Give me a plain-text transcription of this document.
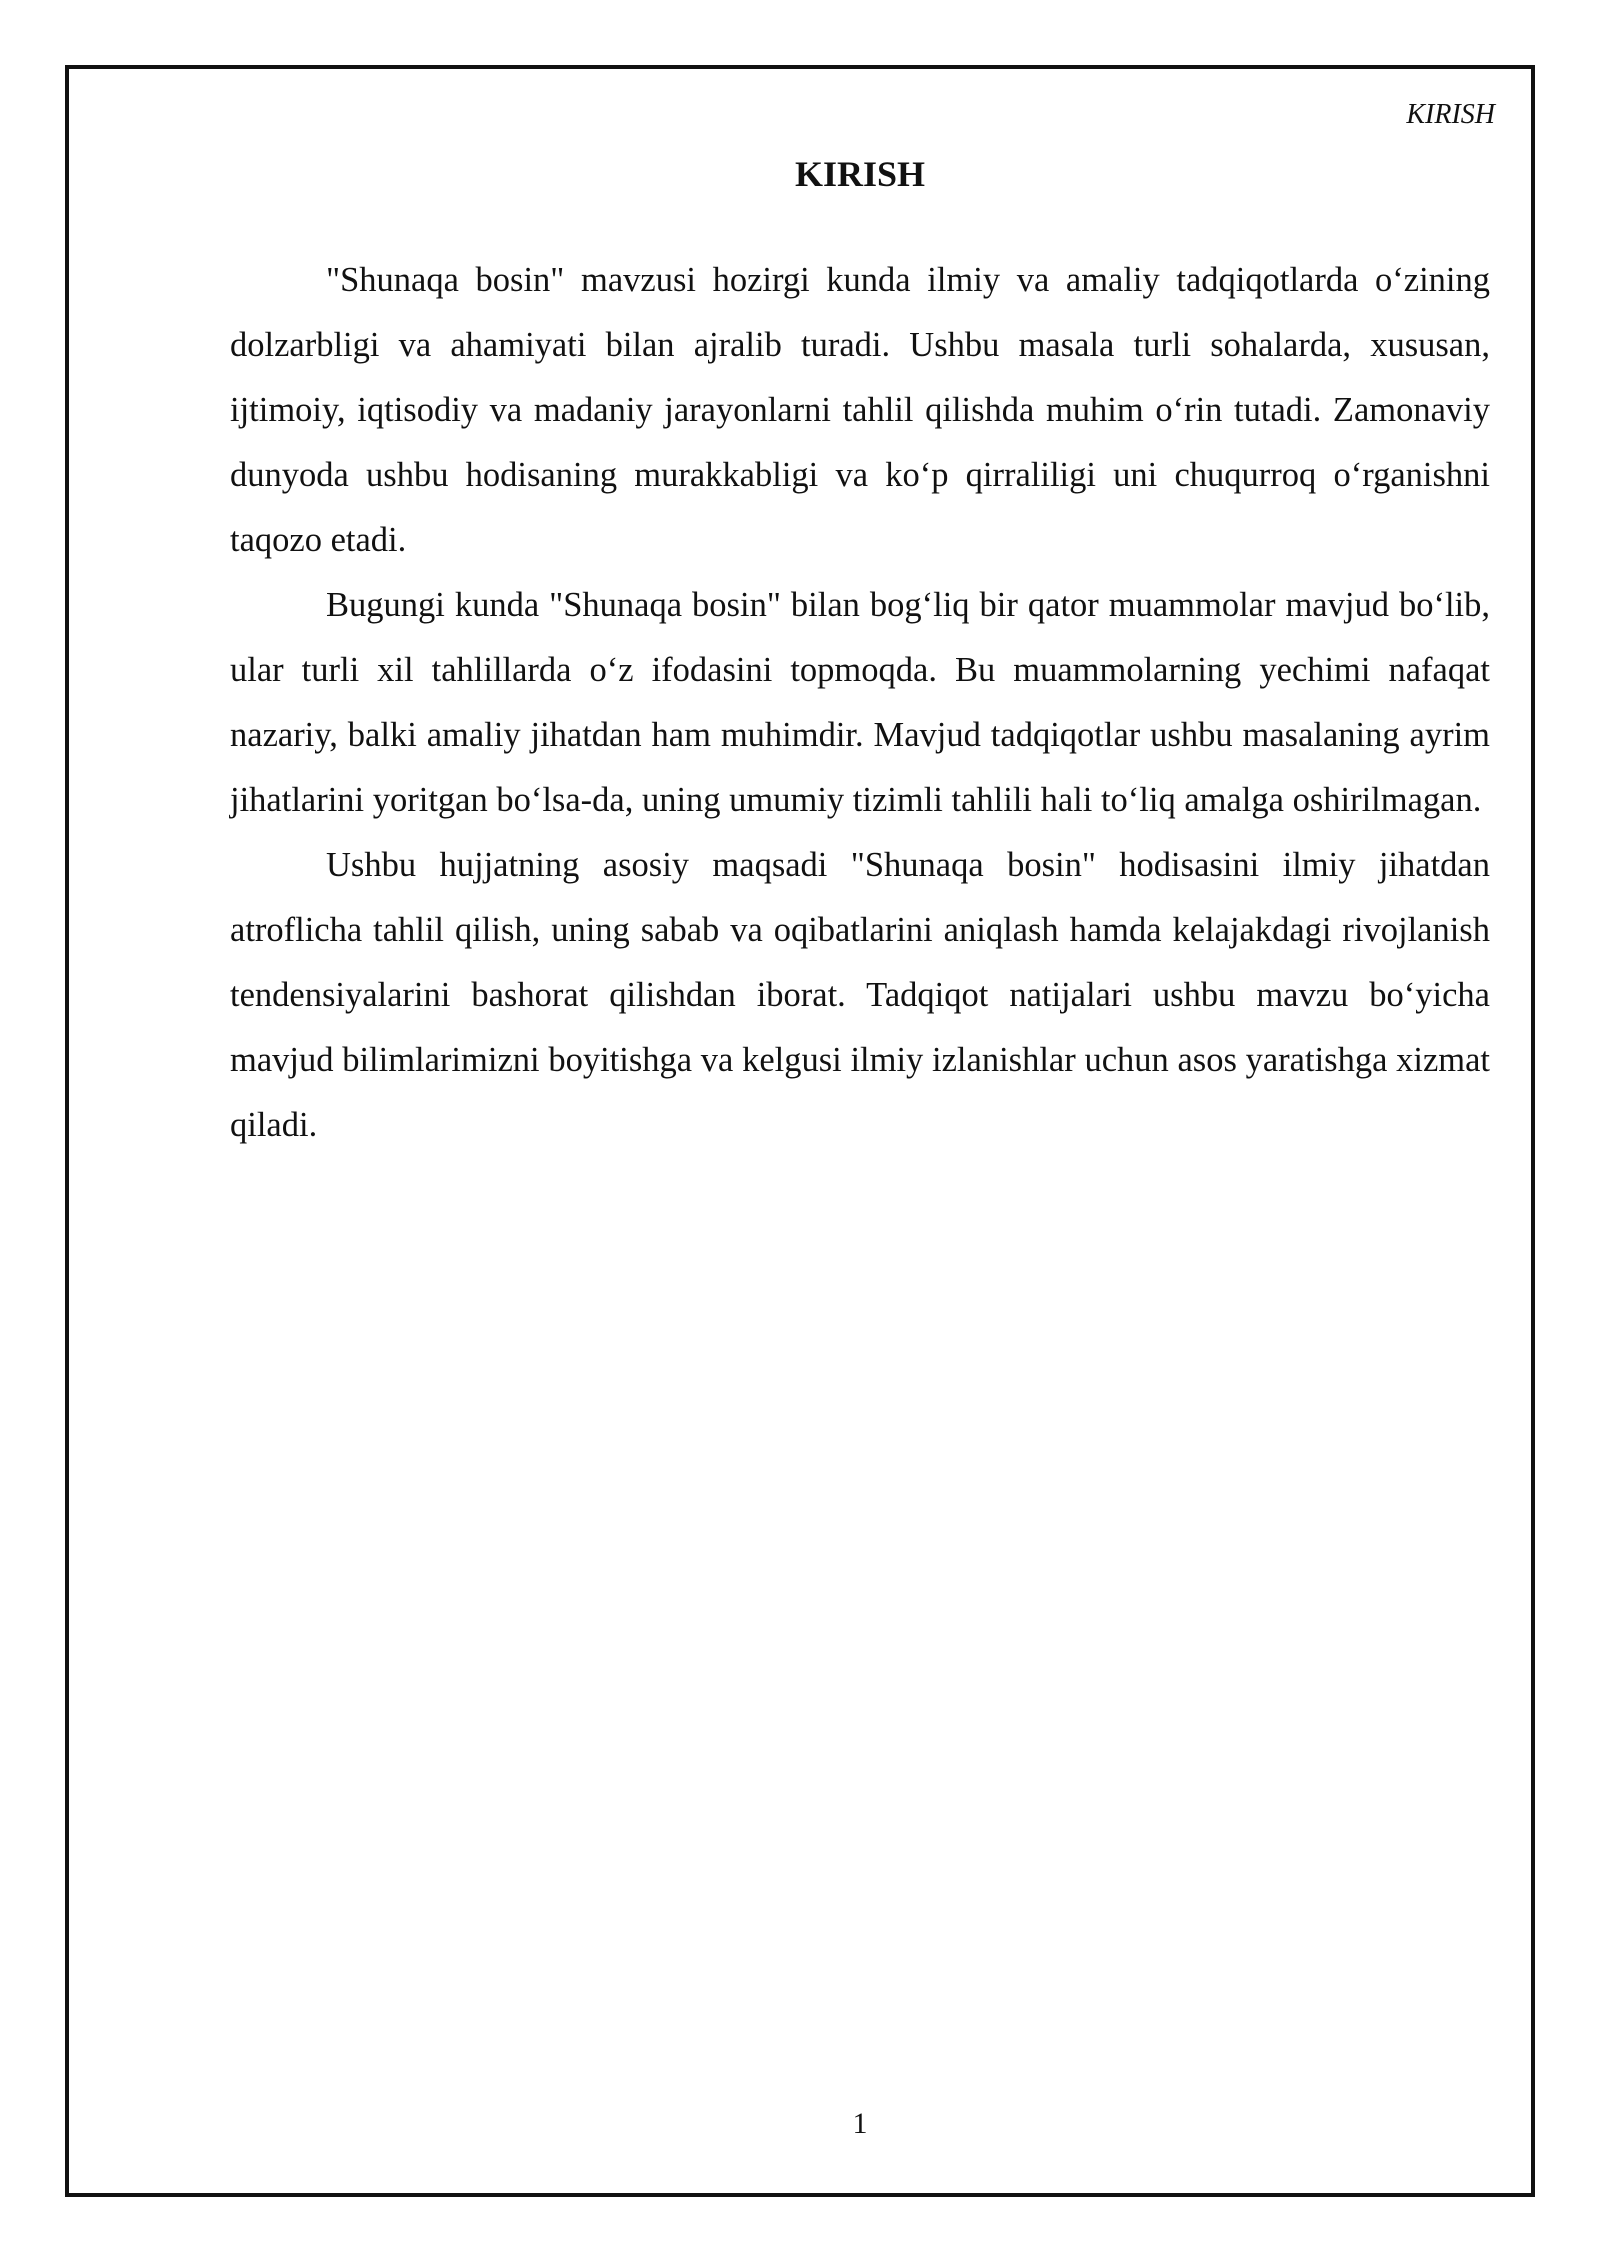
KIRISH
KIRISH

"Shunaqa bosin" mavzusi hozirgi kunda ilmiy va amaliy tadqiqotlarda o‘zining dolzarbligi va ahamiyati bilan ajralib turadi. Ushbu masala turli sohalarda, xususan, ijtimoiy, iqtisodiy va madaniy jarayonlarni tahlil qilishda muhim o‘rin tutadi. Zamonaviy dunyoda ushbu hodisaning murakkabligi va ko‘p qirraliligi uni chuqurroq o‘rganishni taqozo etadi.

Bugungi kunda "Shunaqa bosin" bilan bog‘liq bir qator muammolar mavjud bo‘lib, ular turli xil tahlillarda o‘z ifodasini topmoqda. Bu muammolarning yechimi nafaqat nazariy, balki amaliy jihatdan ham muhimdir. Mavjud tadqiqotlar ushbu masalaning ayrim jihatlarini yoritgan bo‘lsa-da, uning umumiy tizimli tahlili hali to‘liq amalga oshirilmagan.

Ushbu hujjatning asosiy maqsadi "Shunaqa bosin" hodisasini ilmiy jihatdan atroflicha tahlil qilish, uning sabab va oqibatlarini aniqlash hamda kelajakdagi rivojlanish tendensiyalarini bashorat qilishdan iborat. Tadqiqot natijalari ushbu mavzu bo‘yicha mavjud bilimlarimizni boyitishga va kelgusi ilmiy izlanishlar uchun asos yaratishga xizmat qiladi.

1
